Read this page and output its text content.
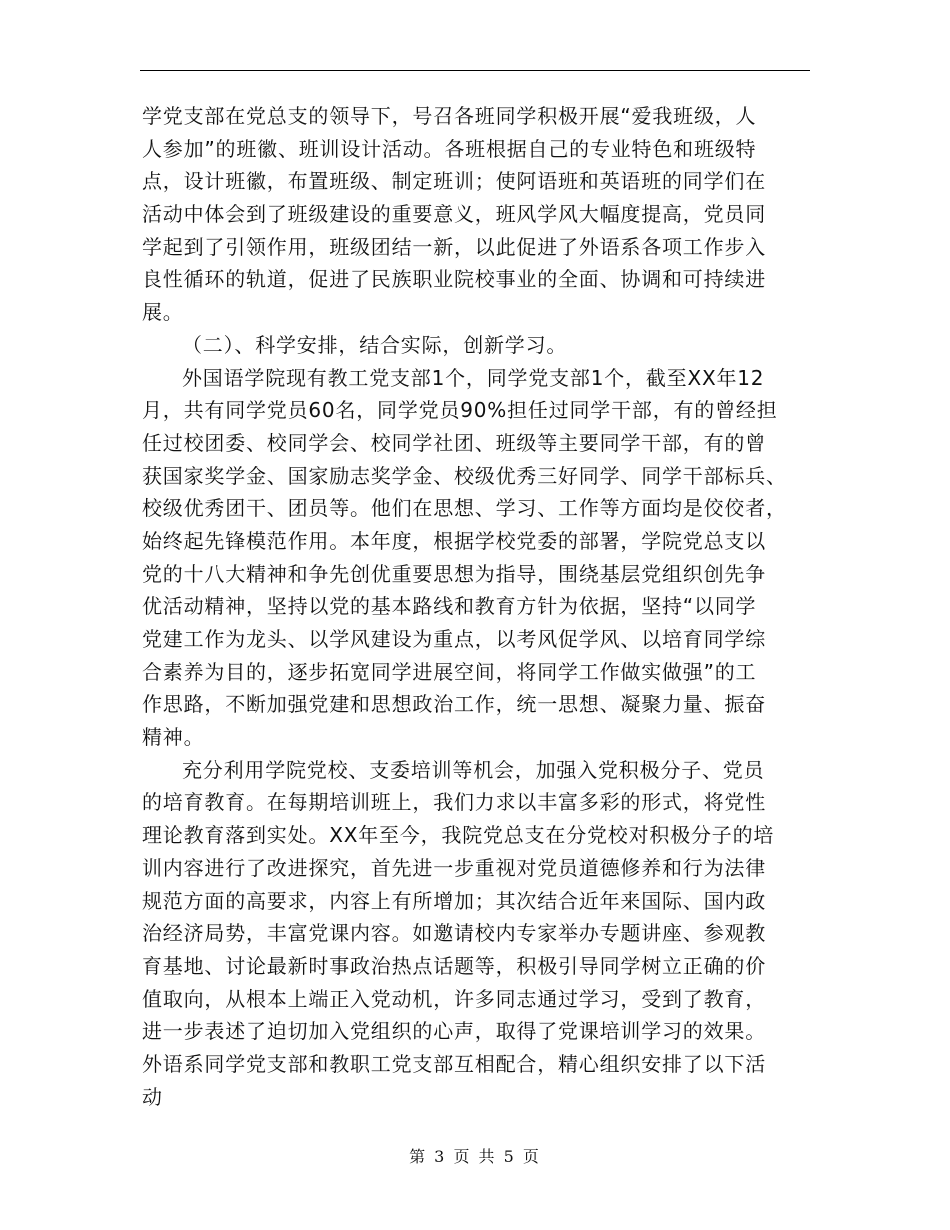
学党支部在党总支的领导下，号召各班同学积极开展“爱我班级，人
人参加”的班徽、班训设计活动。各班根据自己的专业特色和班级特
点，设计班徽，布置班级、制定班训；使阿语班和英语班的同学们在
活动中体会到了班级建设的重要意义，班风学风大幅度提高，党员同
学起到了引领作用，班级团结一新，以此促进了外语系各项工作步入
良性循环的轨道，促进了民族职业院校事业的全面、协调和可持续进
展。
（二）、科学安排，结合实际，创新学习。
外国语学院现有教工党支部1个，同学党支部1个，截至XX年12
月，共有同学党员60名，同学党员90%担任过同学干部，有的曾经担
任过校团委、校同学会、校同学社团、班级等主要同学干部，有的曾
获国家奖学金、国家励志奖学金、校级优秀三好同学、同学干部标兵、
校级优秀团干、团员等。他们在思想、学习、工作等方面均是佼佼者，
始终起先锋模范作用。本年度，根据学校党委的部署，学院党总支以
党的十八大精神和争先创优重要思想为指导，围绕基层党组织创先争
优活动精神，坚持以党的基本路线和教育方针为依据，坚持“以同学
党建工作为龙头、以学风建设为重点，以考风促学风、以培育同学综
合素养为目的，逐步拓宽同学进展空间，将同学工作做实做强”的工
作思路，不断加强党建和思想政治工作，统一思想、凝聚力量、振奋
精神。
充分利用学院党校、支委培训等机会，加强入党积极分子、党员
的培育教育。在每期培训班上，我们力求以丰富多彩的形式，将党性
理论教育落到实处。XX年至今，我院党总支在分党校对积极分子的培
训内容进行了改进探究，首先进一步重视对党员道德修养和行为法律
规范方面的高要求，内容上有所增加；其次结合近年来国际、国内政
治经济局势，丰富党课内容。如邀请校内专家举办专题讲座、参观教
育基地、讨论最新时事政治热点话题等，积极引导同学树立正确的价
值取向，从根本上端正入党动机，许多同志通过学习，受到了教育，
进一步表述了迫切加入党组织的心声，取得了党课培训学习的效果。
外语系同学党支部和教职工党支部互相配合，精心组织安排了以下活
动
第 3 页 共 5 页
